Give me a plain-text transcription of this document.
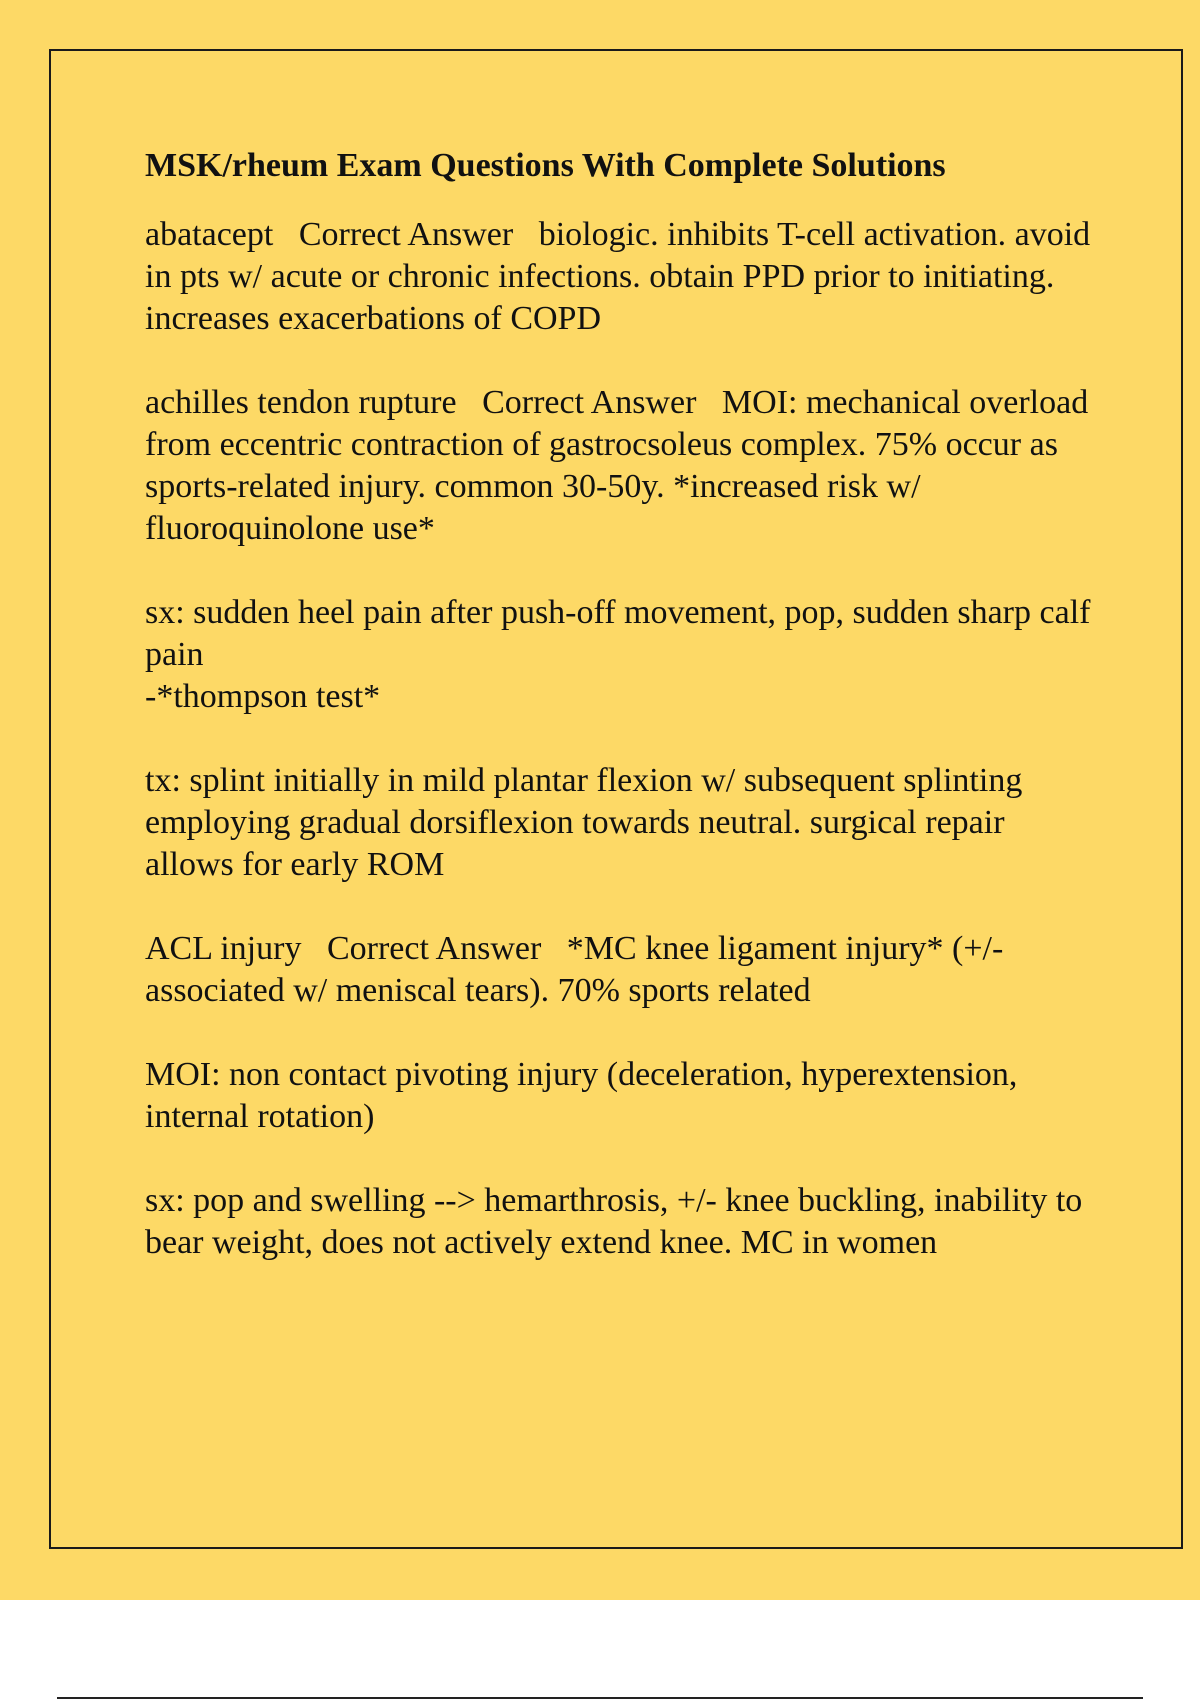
MSK/rheum Exam Questions With Complete Solutions

abatacept Correct Answer biologic. inhibits T-cell activation. avoid in pts w/ acute or chronic infections. obtain PPD prior to initiating. increases exacerbations of COPD

achilles tendon rupture Correct Answer MOI: mechanical overload from eccentric contraction of gastrocsoleus complex. 75% occur as sports-related injury. common 30-50y. *increased risk w/ fluoroquinolone use*

sx: sudden heel pain after push-off movement, pop, sudden sharp calf pain
-*thompson test*

tx: splint initially in mild plantar flexion w/ subsequent splinting employing gradual dorsiflexion towards neutral. surgical repair allows for early ROM

ACL injury Correct Answer *MC knee ligament injury* (+/- associated w/ meniscal tears). 70% sports related

MOI: non contact pivoting injury (deceleration, hyperextension, internal rotation)

sx: pop and swelling --> hemarthrosis, +/- knee buckling, inability to bear weight, does not actively extend knee. MC in women
